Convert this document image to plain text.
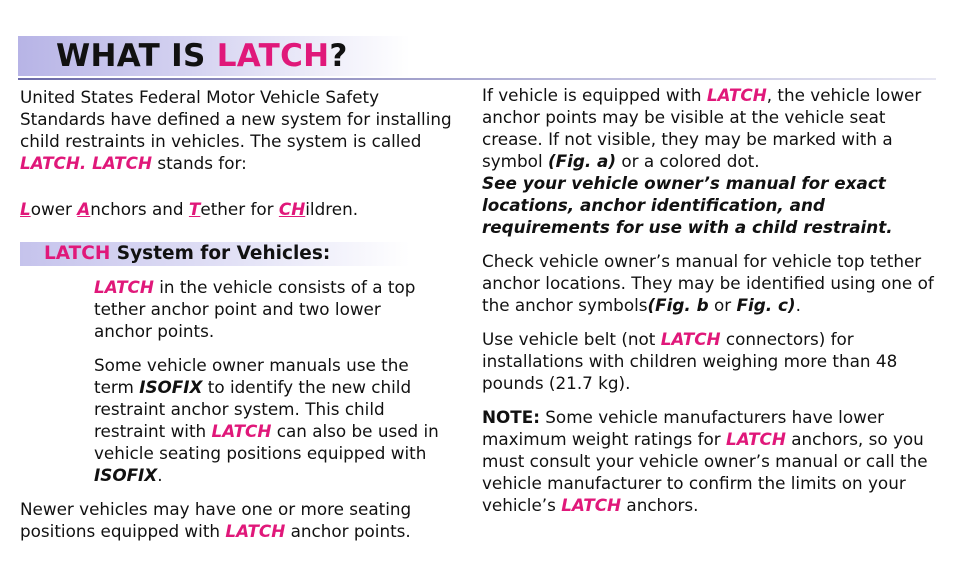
WHAT IS LATCH?

United States Federal Motor Vehicle Safety Standards have defined a new system for installing child restraints in vehicles. The system is called LATCH. LATCH stands for:

Lower Anchors and Tether for CHildren.

LATCH System for Vehicles:

LATCH in the vehicle consists of a top tether anchor point and two lower anchor points.

Some vehicle owner manuals use the term ISOFIX to identify the new child restraint anchor system. This child restraint with LATCH can also be used in vehicle seating positions equipped with ISOFIX.

Newer vehicles may have one or more seating positions equipped with LATCH anchor points.

If vehicle is equipped with LATCH, the vehicle lower anchor points may be visible at the vehicle seat crease. If not visible, they may be marked with a symbol (Fig. a) or a colored dot.

See your vehicle owner’s manual for exact locations, anchor identification, and requirements for use with a child restraint.

Check vehicle owner’s manual for vehicle top tether anchor locations. They may be identified using one of the anchor symbols(Fig. b or Fig. c).

Use vehicle belt (not LATCH connectors) for installations with children weighing more than 48 pounds (21.7 kg).

NOTE: Some vehicle manufacturers have lower maximum weight ratings for LATCH anchors, so you must consult your vehicle owner’s manual or call the vehicle manufacturer to confirm the limits on your vehicle’s LATCH anchors.
